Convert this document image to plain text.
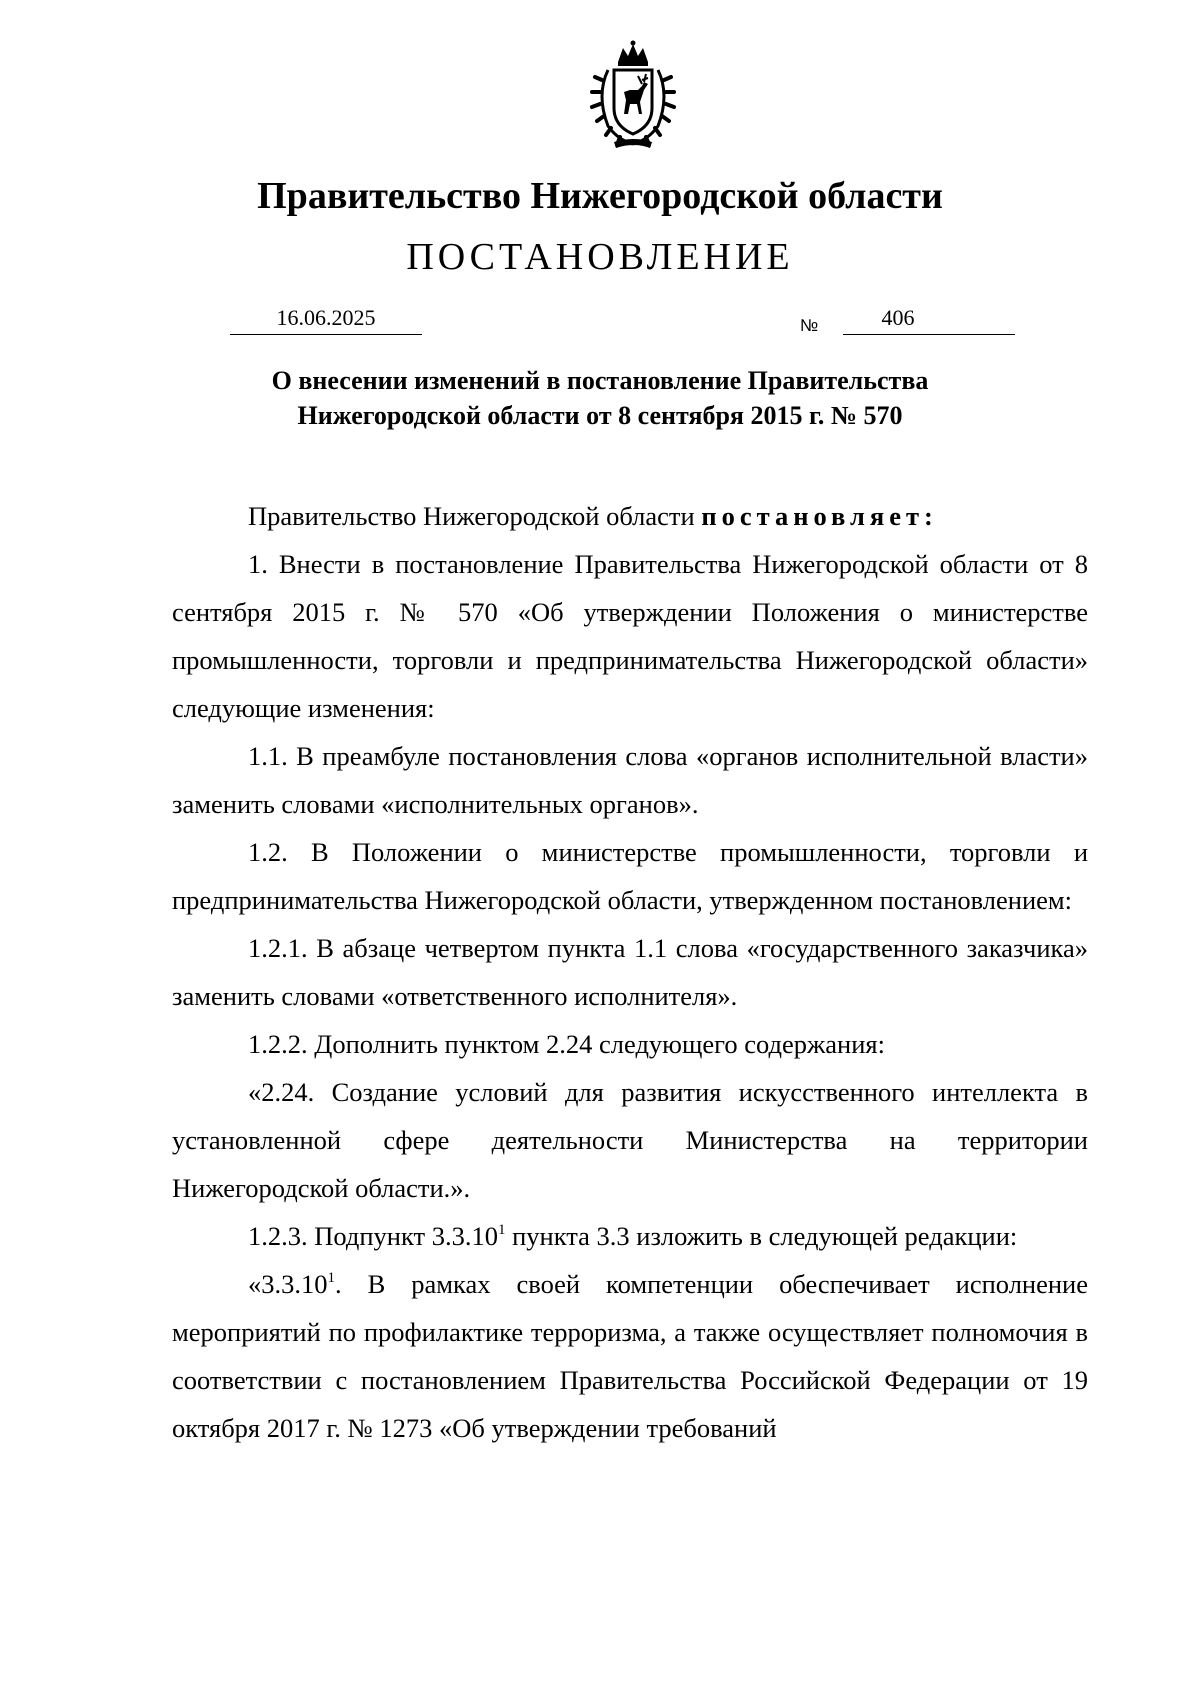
Правительство Нижегородской области
ПОСТАНОВЛЕНИЕ
16.06.2025	№	406
О внесении изменений в постановление Правительства
Нижегородской области от 8 сентября 2015 г. № 570

Правительство Нижегородской области постановляет:

1. Внести в постановление Правительства Нижегородской области от 8 сентября 2015 г. № 570 «Об утверждении Положения о министерстве промышленности, торговли и предпринимательства Нижегородской области» следующие изменения:

1.1. В преамбуле постановления слова «органов исполнительной власти» заменить словами «исполнительных органов».

1.2. В Положении о министерстве промышленности, торговли и предпринимательства Нижегородской области, утвержденном постановлением:

1.2.1. В абзаце четвертом пункта 1.1 слова «государственного заказчика» заменить словами «ответственного исполнителя».

1.2.2. Дополнить пунктом 2.24 следующего содержания:

«2.24. Создание условий для развития искусственного интеллекта в установленной сфере деятельности Министерства на территории Нижегородской области.».

1.2.3. Подпункт 3.3.10$^1$ пункта 3.3 изложить в следующей редакции:

«3.3.10$^1$. В рамках своей компетенции обеспечивает исполнение мероприятий по профилактике терроризма, а также осуществляет полномочия в соответствии с постановлением Правительства Российской Федерации от 19 октября 2017 г. № 1273 «Об утверждении требований
